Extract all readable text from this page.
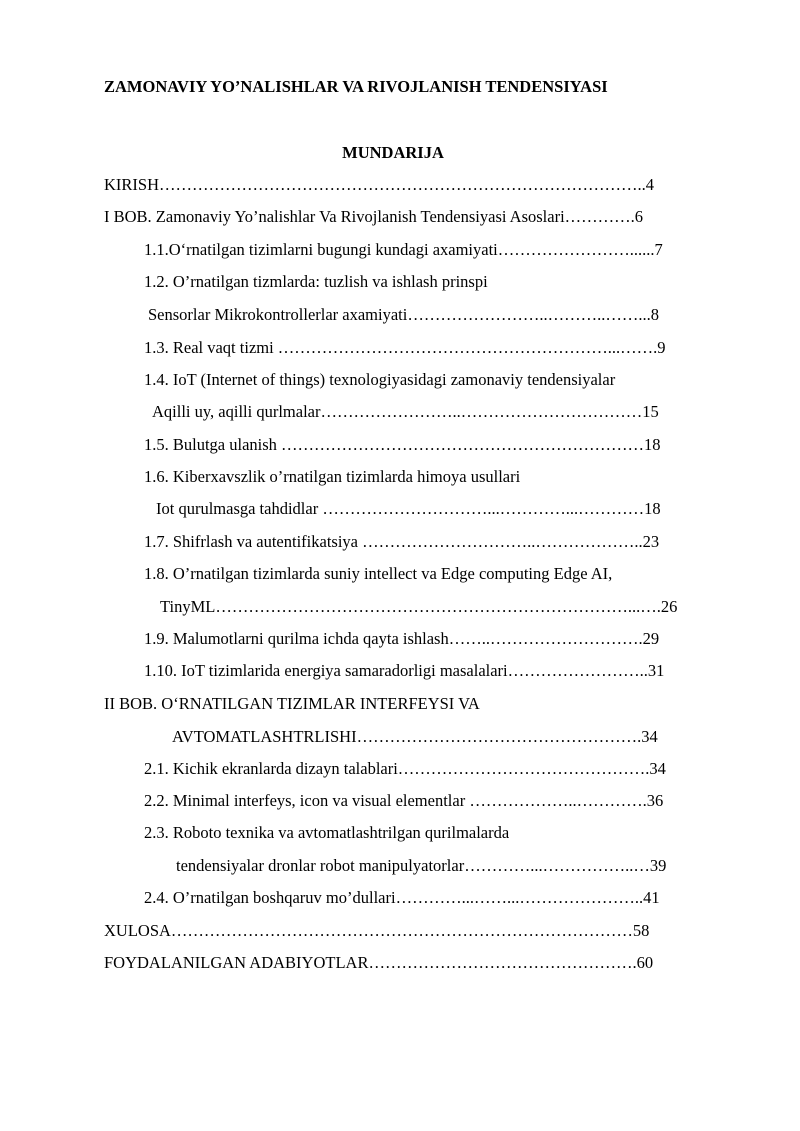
ZAMONAVIY YO’NALISHLAR VA RIVOJLANISH TENDENSIYASI
MUNDARIJA
KIRISH……………………………………………………………………………..4
I BOB. Zamonaviy Yo’nalishlar Va Rivojlanish Tendensiyasi Asoslari………….6
1.1.O‘rnatilgan tizimlarni bugungi kundagi axamiyati……………………......7
1.2. O’rnatilgan tizmlarda: tuzlish va ishlash prinspi
Sensorlar Mikrokontrollerlar axamiyati……………………..………..……...8
1.3. Real vaqt tizmi ……………………………………………………...…….9
1.4. IoT (Internet of things) texnologiyasidagi zamonaviy tendensiyalar
Aqilli uy, aqilli qurlmalar……………………..……………………………15
1.5. Bulutga ulanish …………………………………………………………18
1.6. Kiberxavszlik o’rnatilgan tizimlarda himoya usullari
Iot qurulmasga tahdidlar …………………………...…………...…………18
1.7. Shifrlash va autentifikatsiya …………………………..………………..23
1.8. O’rnatilgan tizimlarda suniy intellect va Edge computing Edge AI,
TinyML…………………………………………………………………...….26
1.9. Malumotlarni qurilma ichda qayta ishlash……..……………………….29
1.10. IoT tizimlarida energiya samaradorligi masalalari……………………..31
II BOB. O‘RNATILGAN TIZIMLAR INTERFEYSI VA
AVTOMATLASHTRLISHI…………………………………………….34
2.1. Kichik ekranlarda dizayn talablari……………………………………….34
2.2. Minimal interfeys, icon va visual elementlar ………………..………….36
2.3. Roboto texnika va avtomatlashtrilgan qurilmalarda
tendensiyalar dronlar robot manipulyatorlar…………...……………..…39
2.4. O’rnatilgan boshqaruv mo’dullari…………...……...…………………..41
XULOSA…………………………………………………………………………58
FOYDALANILGAN ADABIYOTLAR………………………………………….60
